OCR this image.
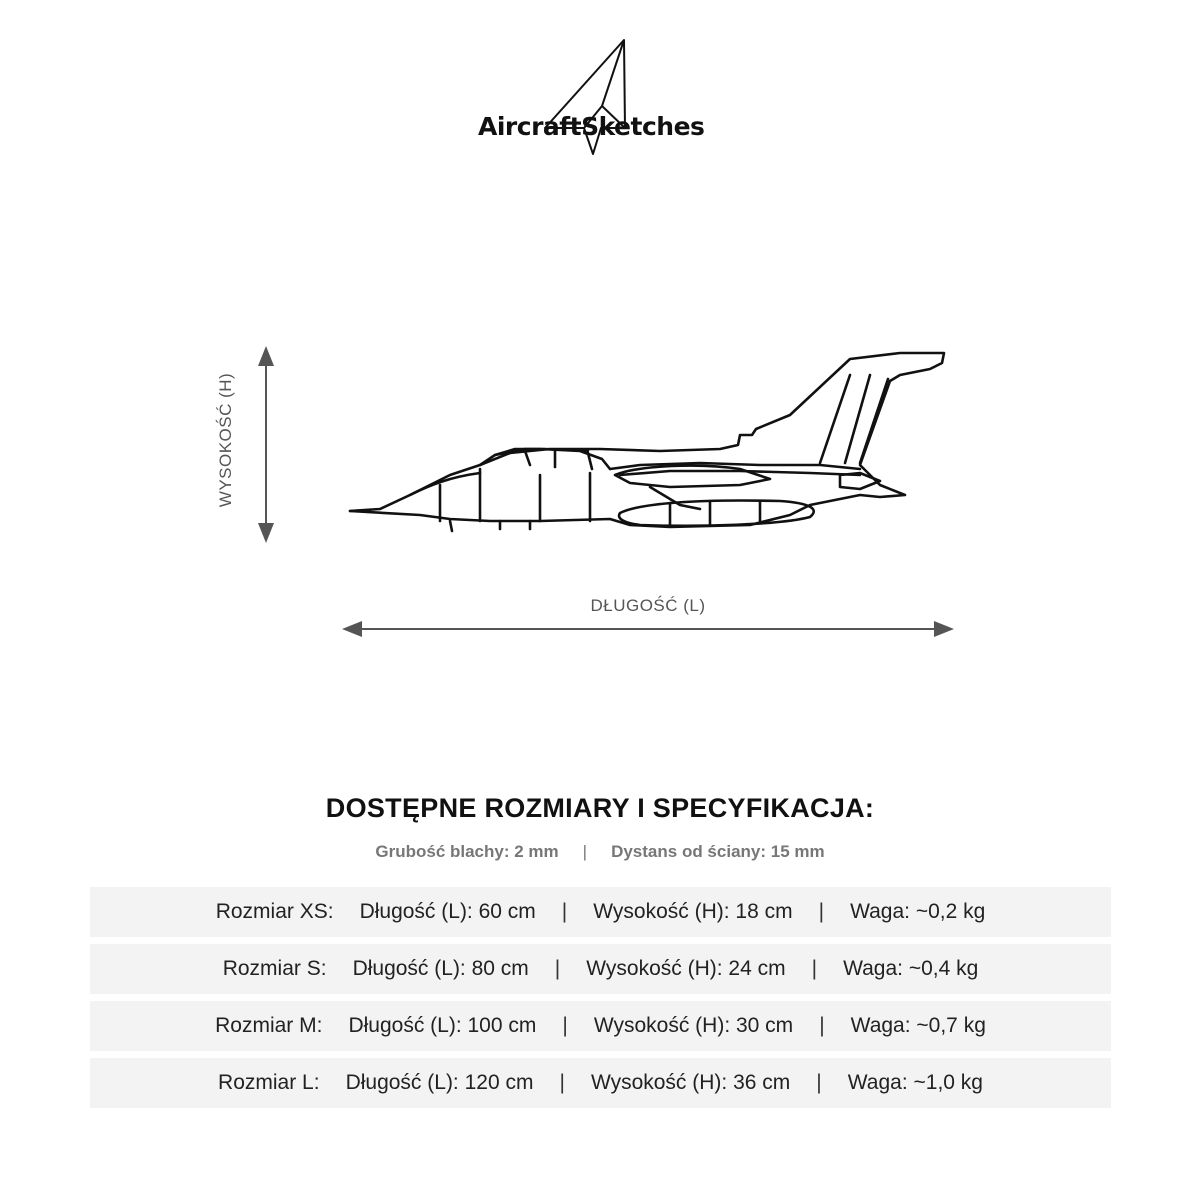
AircraftSketches
WYSOKOŚĆ (H)
DŁUGOŚĆ (L)
DOSTĘPNE ROZMIARY I SPECYFIKACJA:
Grubość blachy: 2 mm | Dystans od ściany: 15 mm
Rozmiar XS: Długość (L): 60 cm | Wysokość (H): 18 cm | Waga: ~0,2 kg
Rozmiar S: Długość (L): 80 cm | Wysokość (H): 24 cm | Waga: ~0,4 kg
Rozmiar M: Długość (L): 100 cm | Wysokość (H): 30 cm | Waga: ~0,7 kg
Rozmiar L: Długość (L): 120 cm | Wysokość (H): 36 cm | Waga: ~1,0 kg
